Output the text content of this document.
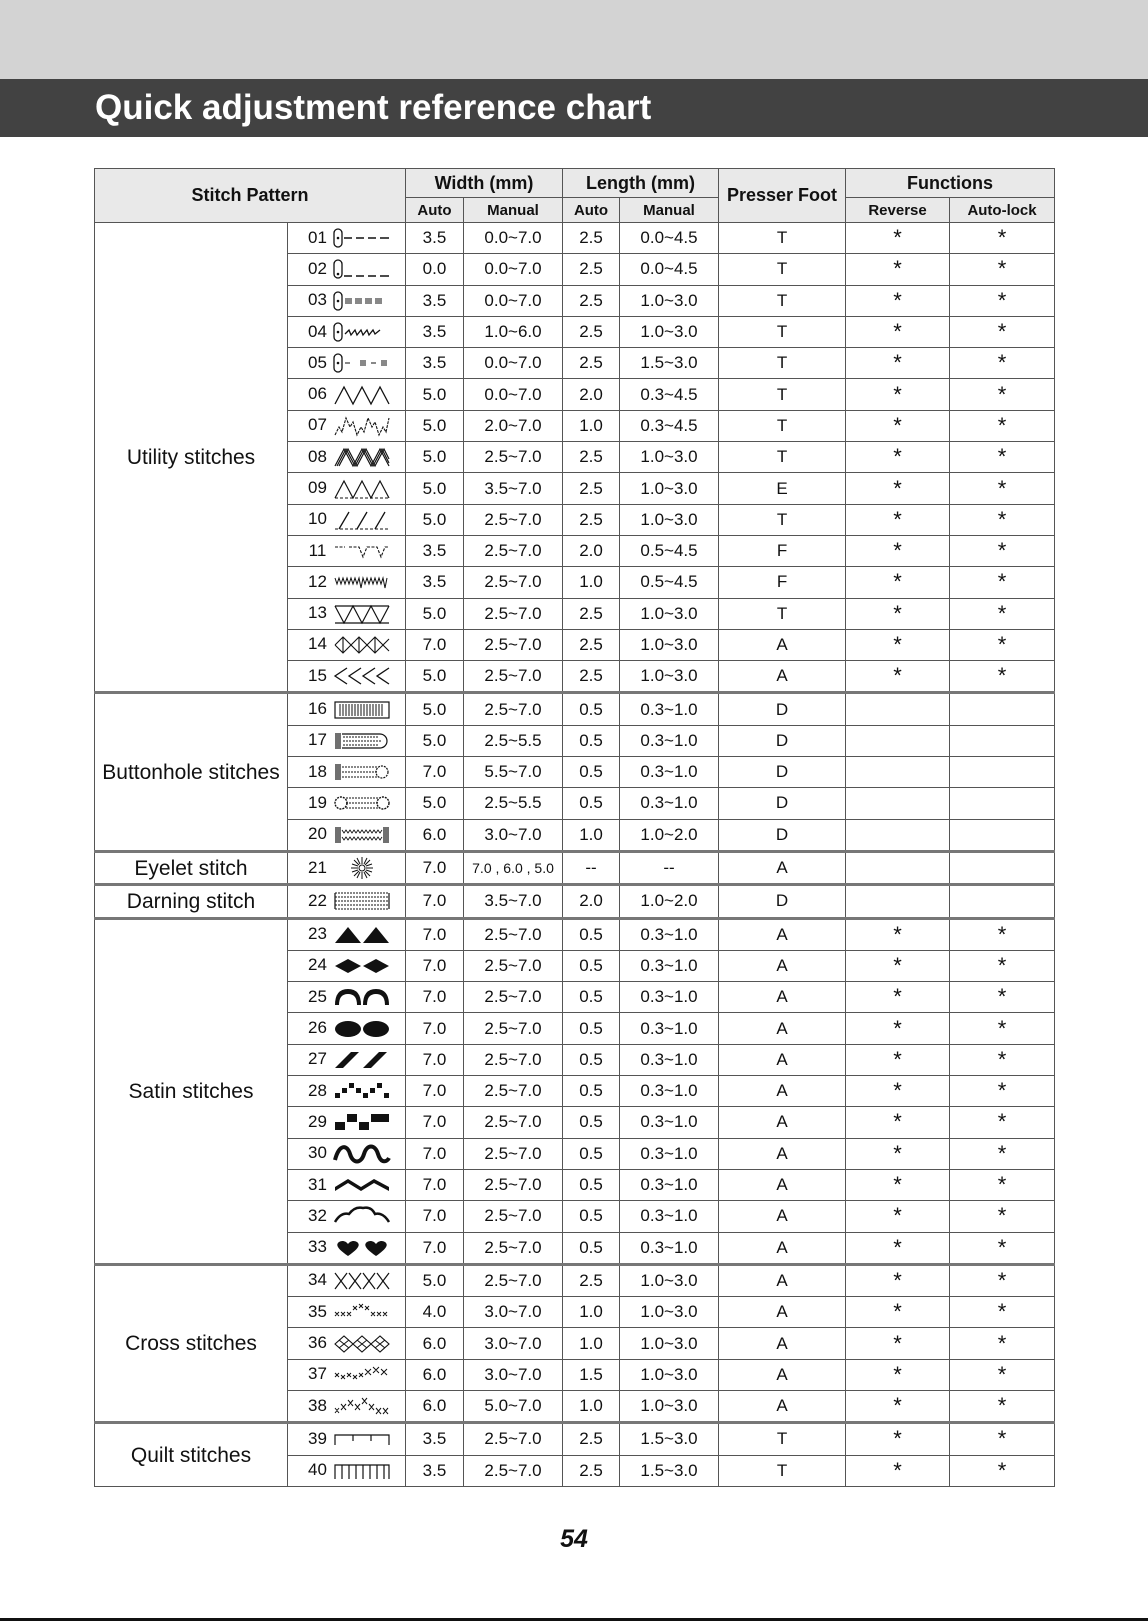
Quick adjustment reference chart
Stitch Pattern		Width (mm)		Length (mm)		Presser Foot	Functions	
		Auto	Manual	Auto	Manual		Reverse	Auto-lock
Utility stitches	01	3.5	0.0~7.0	2.5	0.0~4.5	T	*	*
	02	0.0	0.0~7.0	2.5	0.0~4.5	T	*	*
	03	3.5	0.0~7.0	2.5	1.0~3.0	T	*	*
	04	3.5	1.0~6.0	2.5	1.0~3.0	T	*	*
	05	3.5	0.0~7.0	2.5	1.5~3.0	T	*	*
	06	5.0	0.0~7.0	2.0	0.3~4.5	T	*	*
	07	5.0	2.0~7.0	1.0	0.3~4.5	T	*	*
	08	5.0	2.5~7.0	2.5	1.0~3.0	T	*	*
	09	5.0	3.5~7.0	2.5	1.0~3.0	E	*	*
	10	5.0	2.5~7.0	2.5	1.0~3.0	T	*	*
	11	3.5	2.5~7.0	2.0	0.5~4.5	F	*	*
	12	3.5	2.5~7.0	1.0	0.5~4.5	F	*	*
	13	5.0	2.5~7.0	2.5	1.0~3.0	T	*	*
	14	7.0	2.5~7.0	2.5	1.0~3.0	A	*	*
	15	5.0	2.5~7.0	2.5	1.0~3.0	A	*	*
Buttonhole stitches	16	5.0	2.5~7.0	0.5	0.3~1.0	D		
	17	5.0	2.5~5.5	0.5	0.3~1.0	D		
	18	7.0	5.5~7.0	0.5	0.3~1.0	D		
	19	5.0	2.5~5.5	0.5	0.3~1.0	D		
	20	6.0	3.0~7.0	1.0	1.0~2.0	D		
Eyelet stitch	21	7.0	7.0 , 6.0 , 5.0	--	--	A		
Darning stitch	22	7.0	3.5~7.0	2.0	1.0~2.0	D		
Satin stitches	23	7.0	2.5~7.0	0.5	0.3~1.0	A	*	*
	24	7.0	2.5~7.0	0.5	0.3~1.0	A	*	*
	25	7.0	2.5~7.0	0.5	0.3~1.0	A	*	*
	26	7.0	2.5~7.0	0.5	0.3~1.0	A	*	*
	27	7.0	2.5~7.0	0.5	0.3~1.0	A	*	*
	28	7.0	2.5~7.0	0.5	0.3~1.0	A	*	*
	29	7.0	2.5~7.0	0.5	0.3~1.0	A	*	*
	30	7.0	2.5~7.0	0.5	0.3~1.0	A	*	*
	31	7.0	2.5~7.0	0.5	0.3~1.0	A	*	*
	32	7.0	2.5~7.0	0.5	0.3~1.0	A	*	*
	33	7.0	2.5~7.0	0.5	0.3~1.0	A	*	*
Cross stitches	34	5.0	2.5~7.0	2.5	1.0~3.0	A	*	*
	35	4.0	3.0~7.0	1.0	1.0~3.0	A	*	*
	36	6.0	3.0~7.0	1.0	1.0~3.0	A	*	*
	37	6.0	3.0~7.0	1.5	1.0~3.0	A	*	*
	38	6.0	5.0~7.0	1.0	1.0~3.0	A	*	*
Quilt stitches	39	3.5	2.5~7.0	2.5	1.5~3.0	T	*	*
	40	3.5	2.5~7.0	2.5	1.5~3.0	T	*	*
54
